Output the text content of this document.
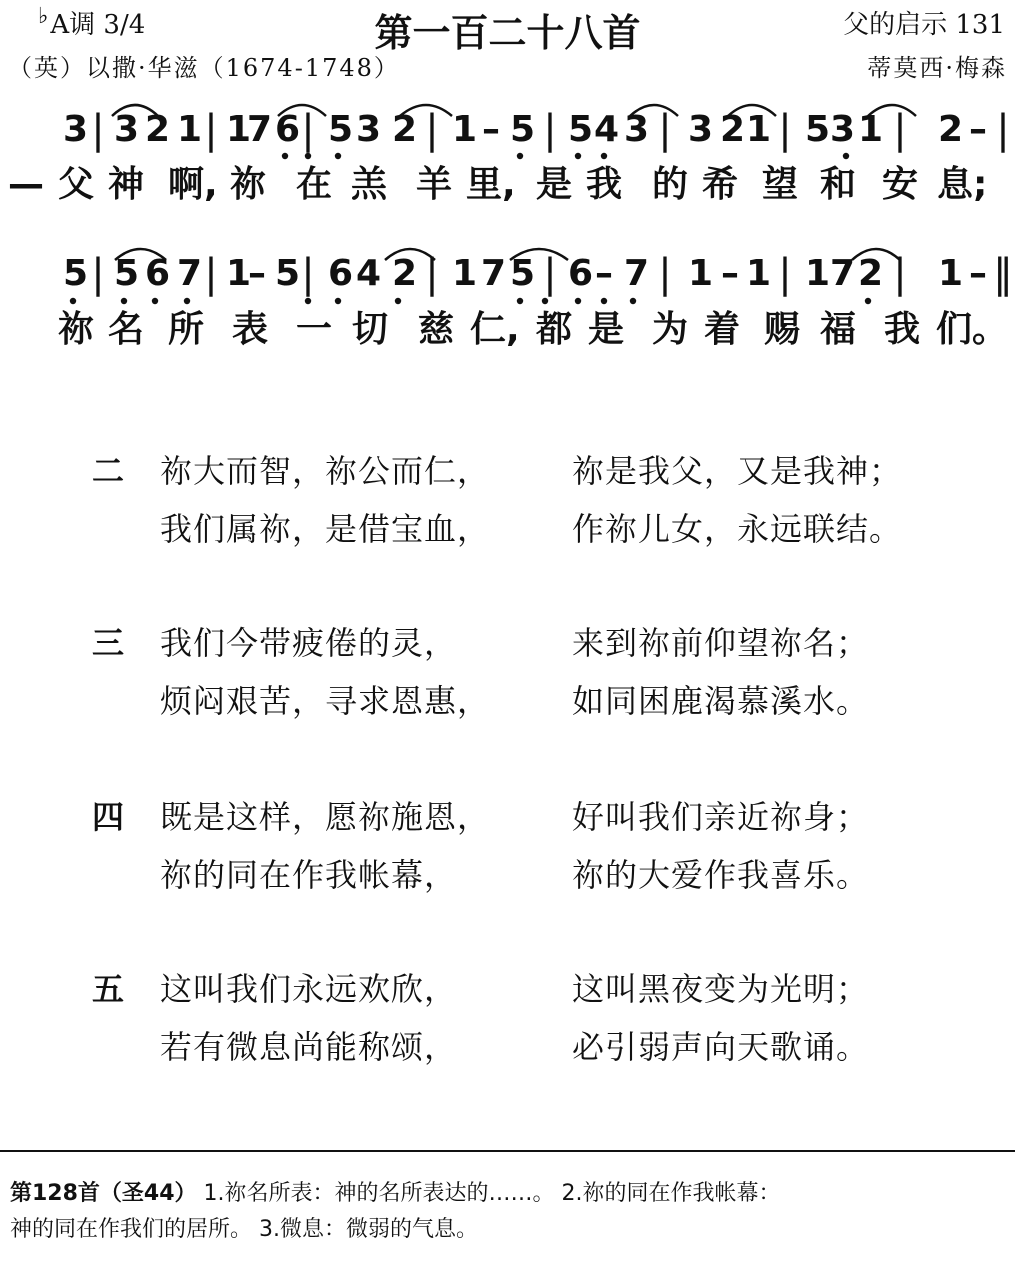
♭A调 3/4	第一百二十八首	父的启示 131
（英）以撒·华滋（1674-1748）	蒂莫西·梅森
3 | 3 2 1 | 1
7 6 | 5 3 2 | 1 – 5 | 5 4 3 | 3 2 1 | 5 3 1 | 2 – |
— 父 神 啊, 祢 在 羔 羊 里, 是 我 的 希 望 和 安 息;
5 | 5 6 7 | 1
– 5 | 6 4 2 | 1 7 5 | 6 – 7 | 1 – 1 | 1 7 2 | 1 – ‖
祢 名 所 表 一 切 慈 仁, 都 是 为 着 赐 福 我 们。
二 祢大而智，祢公而仁，	祢是我父，又是我神；
我们属祢，是借宝血，	作祢儿女，永远联结。
三 我们今带疲倦的灵，	来到祢前仰望祢名；
烦闷艰苦，寻求恩惠，	如同困鹿渴慕溪水。
四 既是这样，愿祢施恩，	好叫我们亲近祢身；
祢的同在作我帐幕，	祢的大爱作我喜乐。
五 这叫我们永远欢欣，	这叫黑夜变为光明；
若有微息尚能称颂，	必引弱声向天歌诵。
第128首（圣44） 1.祢名所表：神的名所表达的……。 2.祢的同在作我帐幕：
神的同在作我们的居所。 3.微息：微弱的气息。
